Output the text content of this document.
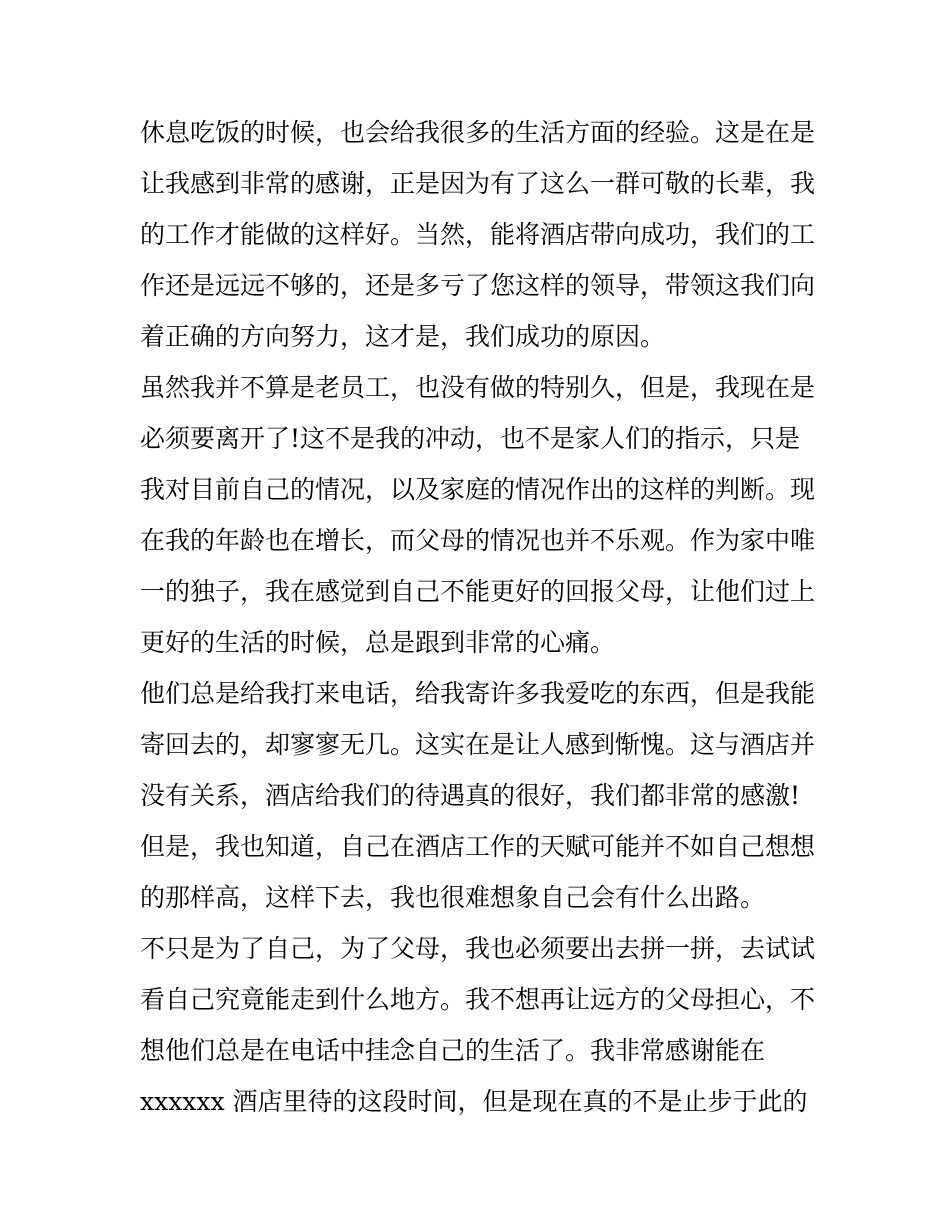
休息吃饭的时候，也会给我很多的生活方面的经验。这是在是
让我感到非常的感谢，正是因为有了这么一群可敬的长辈，我
的工作才能做的这样好。当然，能将酒店带向成功，我们的工
作还是远远不够的，还是多亏了您这样的领导，带领这我们向
着正确的方向努力，这才是，我们成功的原因。
虽然我并不算是老员工，也没有做的特别久，但是，我现在是
必须要离开了!这不是我的冲动，也不是家人们的指示，只是
我对目前自己的情况，以及家庭的情况作出的这样的判断。现
在我的年龄也在增长，而父母的情况也并不乐观。作为家中唯
一的独子，我在感觉到自己不能更好的回报父母，让他们过上
更好的生活的时候，总是跟到非常的心痛。
他们总是给我打来电话，给我寄许多我爱吃的东西，但是我能
寄回去的，却寥寥无几。这实在是让人感到惭愧。这与酒店并
没有关系，酒店给我们的待遇真的很好，我们都非常的感激!
但是，我也知道，自己在酒店工作的天赋可能并不如自己想想
的那样高，这样下去，我也很难想象自己会有什么出路。
不只是为了自己，为了父母，我也必须要出去拼一拼，去试试
看自己究竟能走到什么地方。我不想再让远方的父母担心，不
想他们总是在电话中挂念自己的生活了。我非常感谢能在
xxxxxx 酒店里待的这段时间，但是现在真的不是止步于此的
